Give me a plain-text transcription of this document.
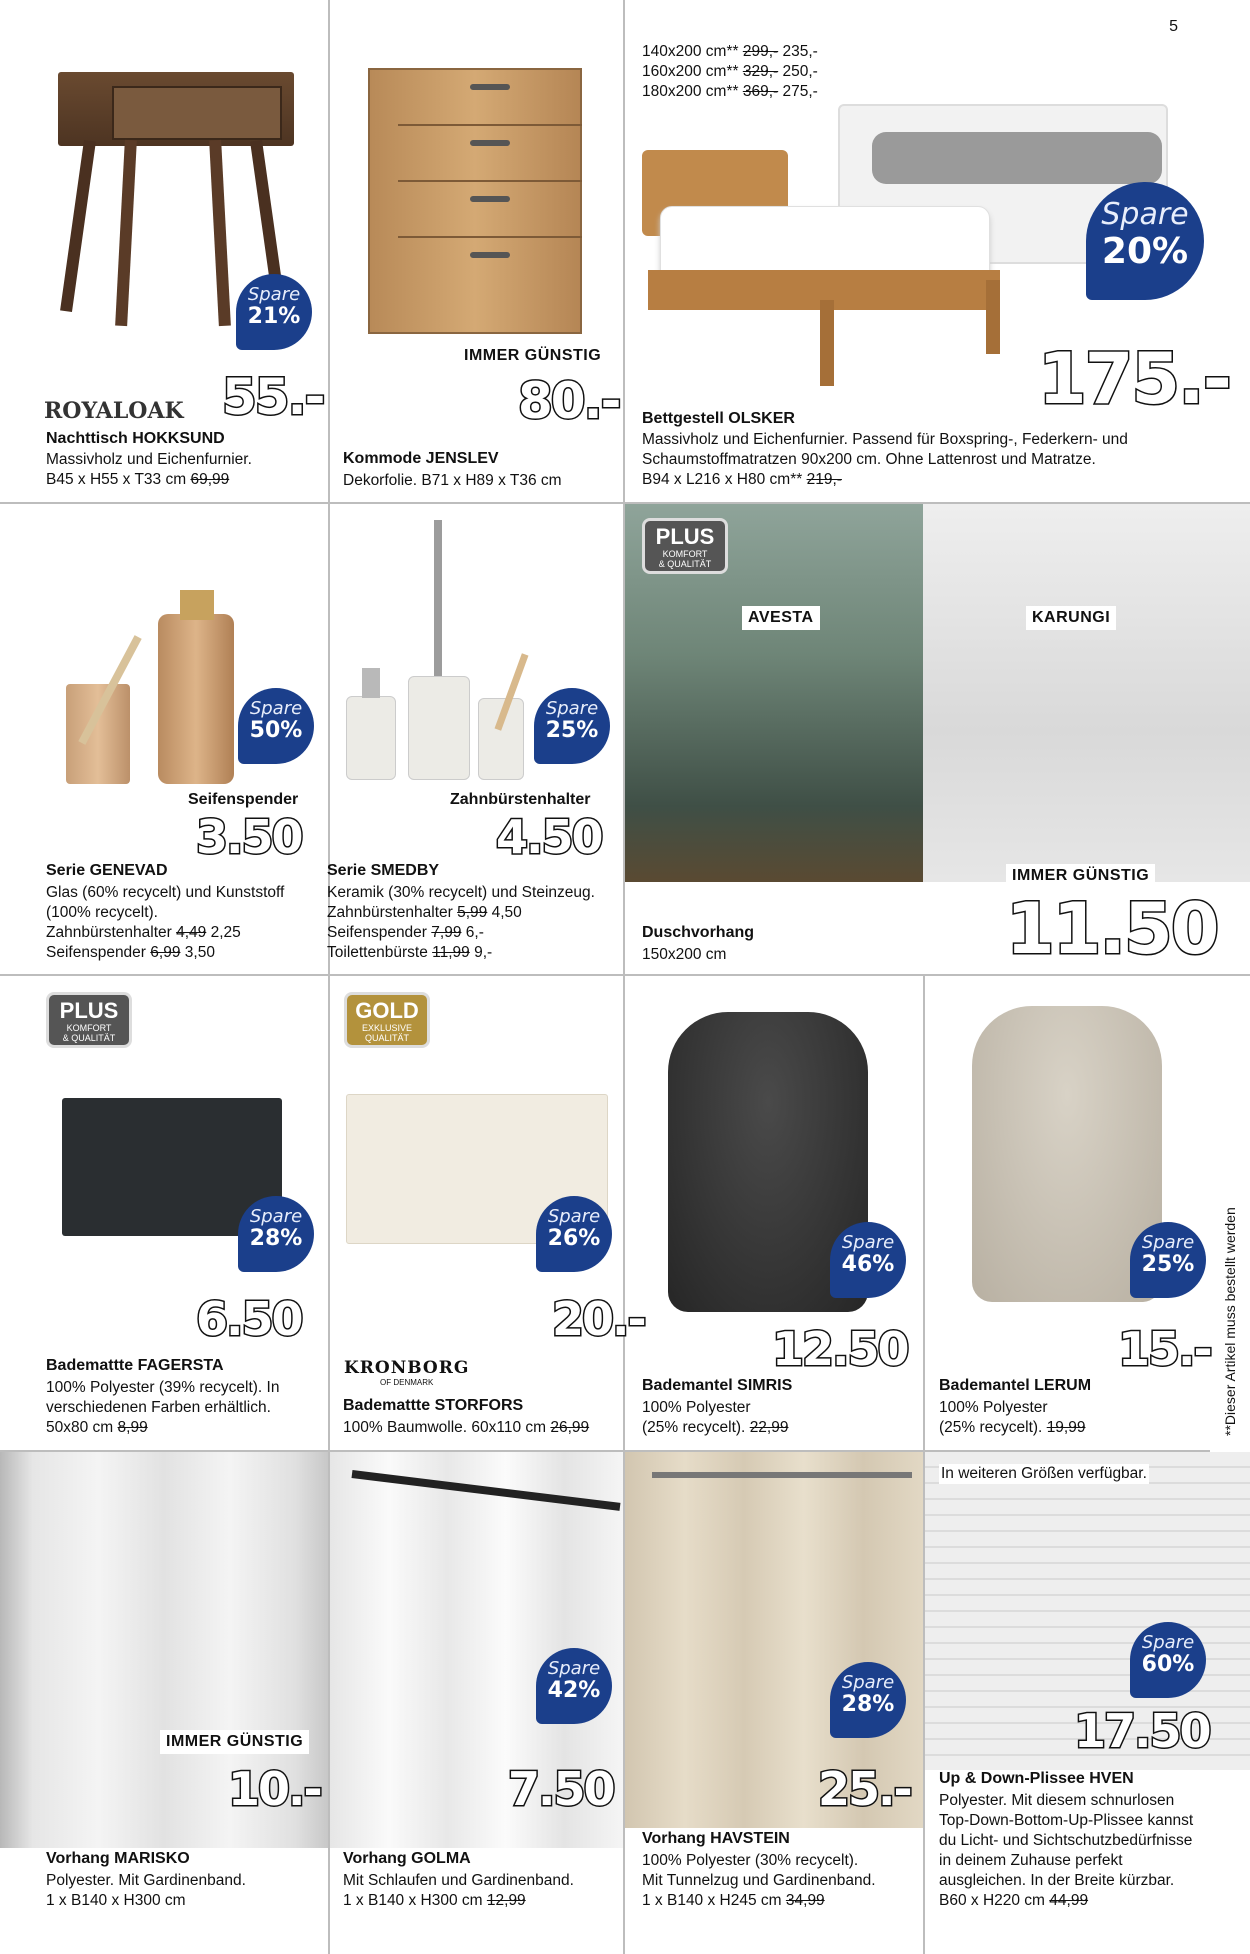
5
Spare
21%
ROYALOAK 55.-
Nachttisch HOKKSUND
Massivholz und Eichenfurnier.
B45 x H55 x T33 cm 69,99
IMMER GÜNSTIG
80.-
Kommode JENSLEV
Dekorfolie. B71 x H89 x T36 cm
140x200 cm** 299,- 235,-
160x200 cm** 329,- 250,-
180x200 cm** 369,- 275,-
Spare
20%
175.-
Bettgestell OLSKER
Massivholz und Eichenfurnier. Passend für Boxspring-, Federkern- und
Schaumstoffmatratzen 90x200 cm. Ohne Lattenrost und Matratze.
B94 x L216 x H80 cm** 219,-
Spare
50%
Seifenspender
3.50
Serie GENEVAD
Glas (60% recycelt) und Kunststoff
(100% recycelt).
Zahnbürstenhalter 4,49 2,25
Seifenspender 6,99 3,50
Spare
25%
Zahnbürstenhalter
4.50
Serie SMEDBY
Keramik (30% recycelt) und Steinzeug.
Zahnbürstenhalter 5,99 4,50
Seifenspender 7,99 6,-
Toilettenbürste 11,99 9,-
PLUS
KOMFORT
& QUALITÄT
AVESTA	KARUNGI
IMMER GÜNSTIG
11.50
Duschvorhang
150x200 cm
PLUS
KOMFORT
& QUALITÄT
Spare
28%
6.50
Bademattte FAGERSTA
100% Polyester (39% recycelt). In
verschiedenen Farben erhältlich.
50x80 cm 8,99
GOLD
EXKLUSIVE
QUALITÄT
Spare
26%
20.-
KRONBORG
OF DENMARK
Bademattte STORFORS
100% Baumwolle. 60x110 cm 26,99
Spare
46%
12.50
Bademantel SIMRIS
100% Polyester
(25% recycelt). 22,99
Spare
25%
15.-
Bademantel LERUM
100% Polyester
(25% recycelt). 19,99	**Dieser Artikel muss bestellt werden
IMMER GÜNSTIG
10.-
Vorhang MARISKO
Polyester. Mit Gardinenband.
1 x B140 x H300 cm
Spare
42%
7.50
Vorhang GOLMA
Mit Schlaufen und Gardinenband.
1 x B140 x H300 cm 12,99
Spare
28%
25.-
Vorhang HAVSTEIN
100% Polyester (30% recycelt).
Mit Tunnelzug und Gardinenband.
1 x B140 x H245 cm 34,99
In weiteren Größen verfügbar.
Spare
60%
17.50
Up & Down-Plissee HVEN
Polyester. Mit diesem schnurlosen
Top-Down-Bottom-Up-Plissee kannst
du Licht- und Sichtschutzbedürfnisse
in deinem Zuhause perfekt
ausgleichen. In der Breite kürzbar.
B60 x H220 cm 44,99
